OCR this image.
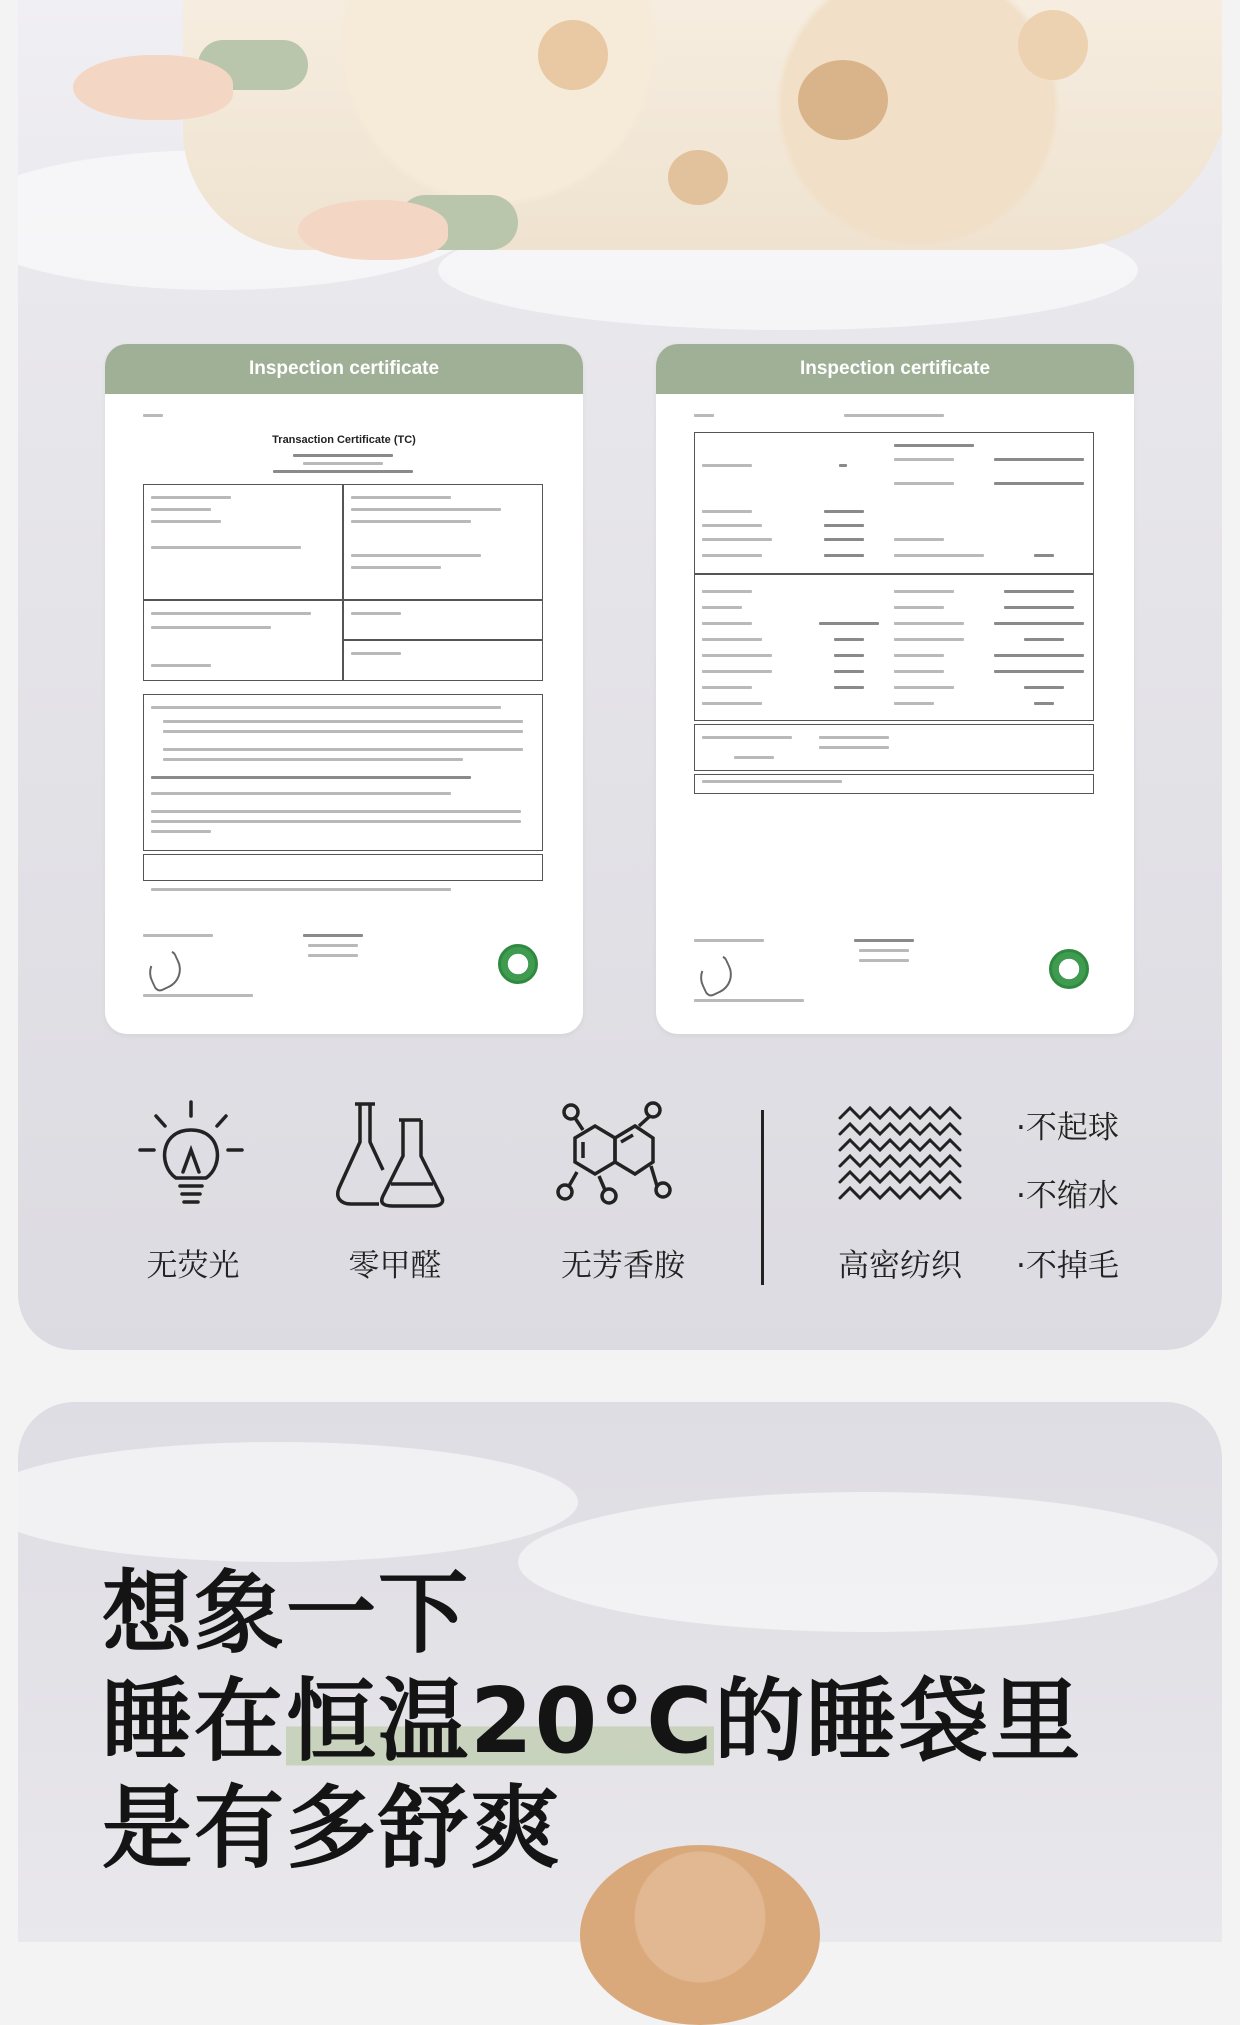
Inspection certificate
Transaction Certificate (TC)
Inspection certificate
无荧光	零甲醛	无芳香胺	高密纺织
·不起球
·不缩水
·不掉毛
想象一下
睡在恒温20°C的睡袋里
是有多舒爽
